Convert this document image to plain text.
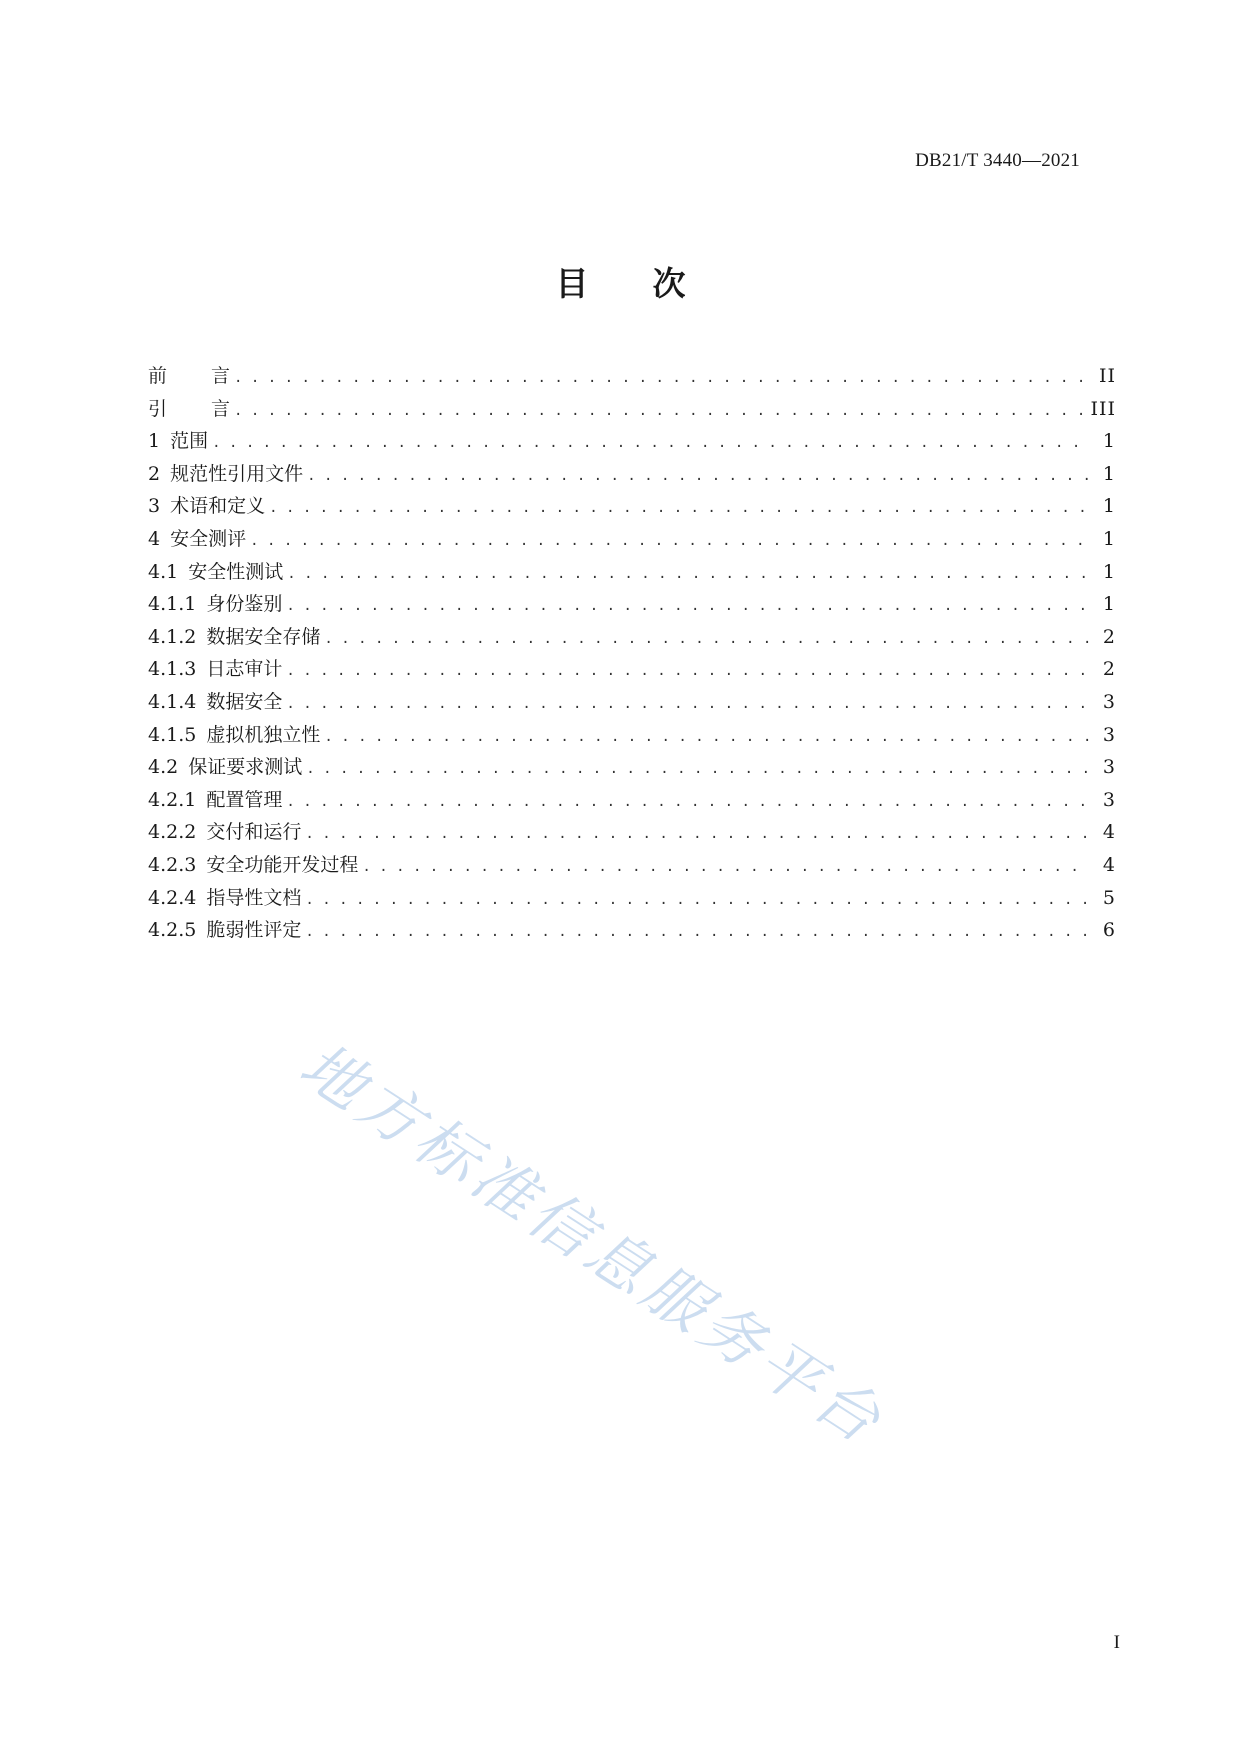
DB21/T 3440—2021
目 次
前 言 . . .	II
引 言 . . .	III
1 范围 . . .	1
2 规范性引用文件 . . .	1
3 术语和定义 . . .	1
4 安全测评 . . .	1
4.1 安全性测试 . . .	1
4.1.1 身份鉴别 . . .	1
4.1.2 数据安全存储 . . .	2
4.1.3 日志审计 . . .	2
4.1.4 数据安全 . . .	3
4.1.5 虚拟机独立性 . . .	3
4.2 保证要求测试 . . .	3
4.2.1 配置管理 . . .	3
4.2.2 交付和运行 . . .	4
4.2.3 安全功能开发过程 . . .	4
4.2.4 指导性文档 . . .	5
4.2.5 脆弱性评定 . . .	6
地方标准信息服务平台
I
